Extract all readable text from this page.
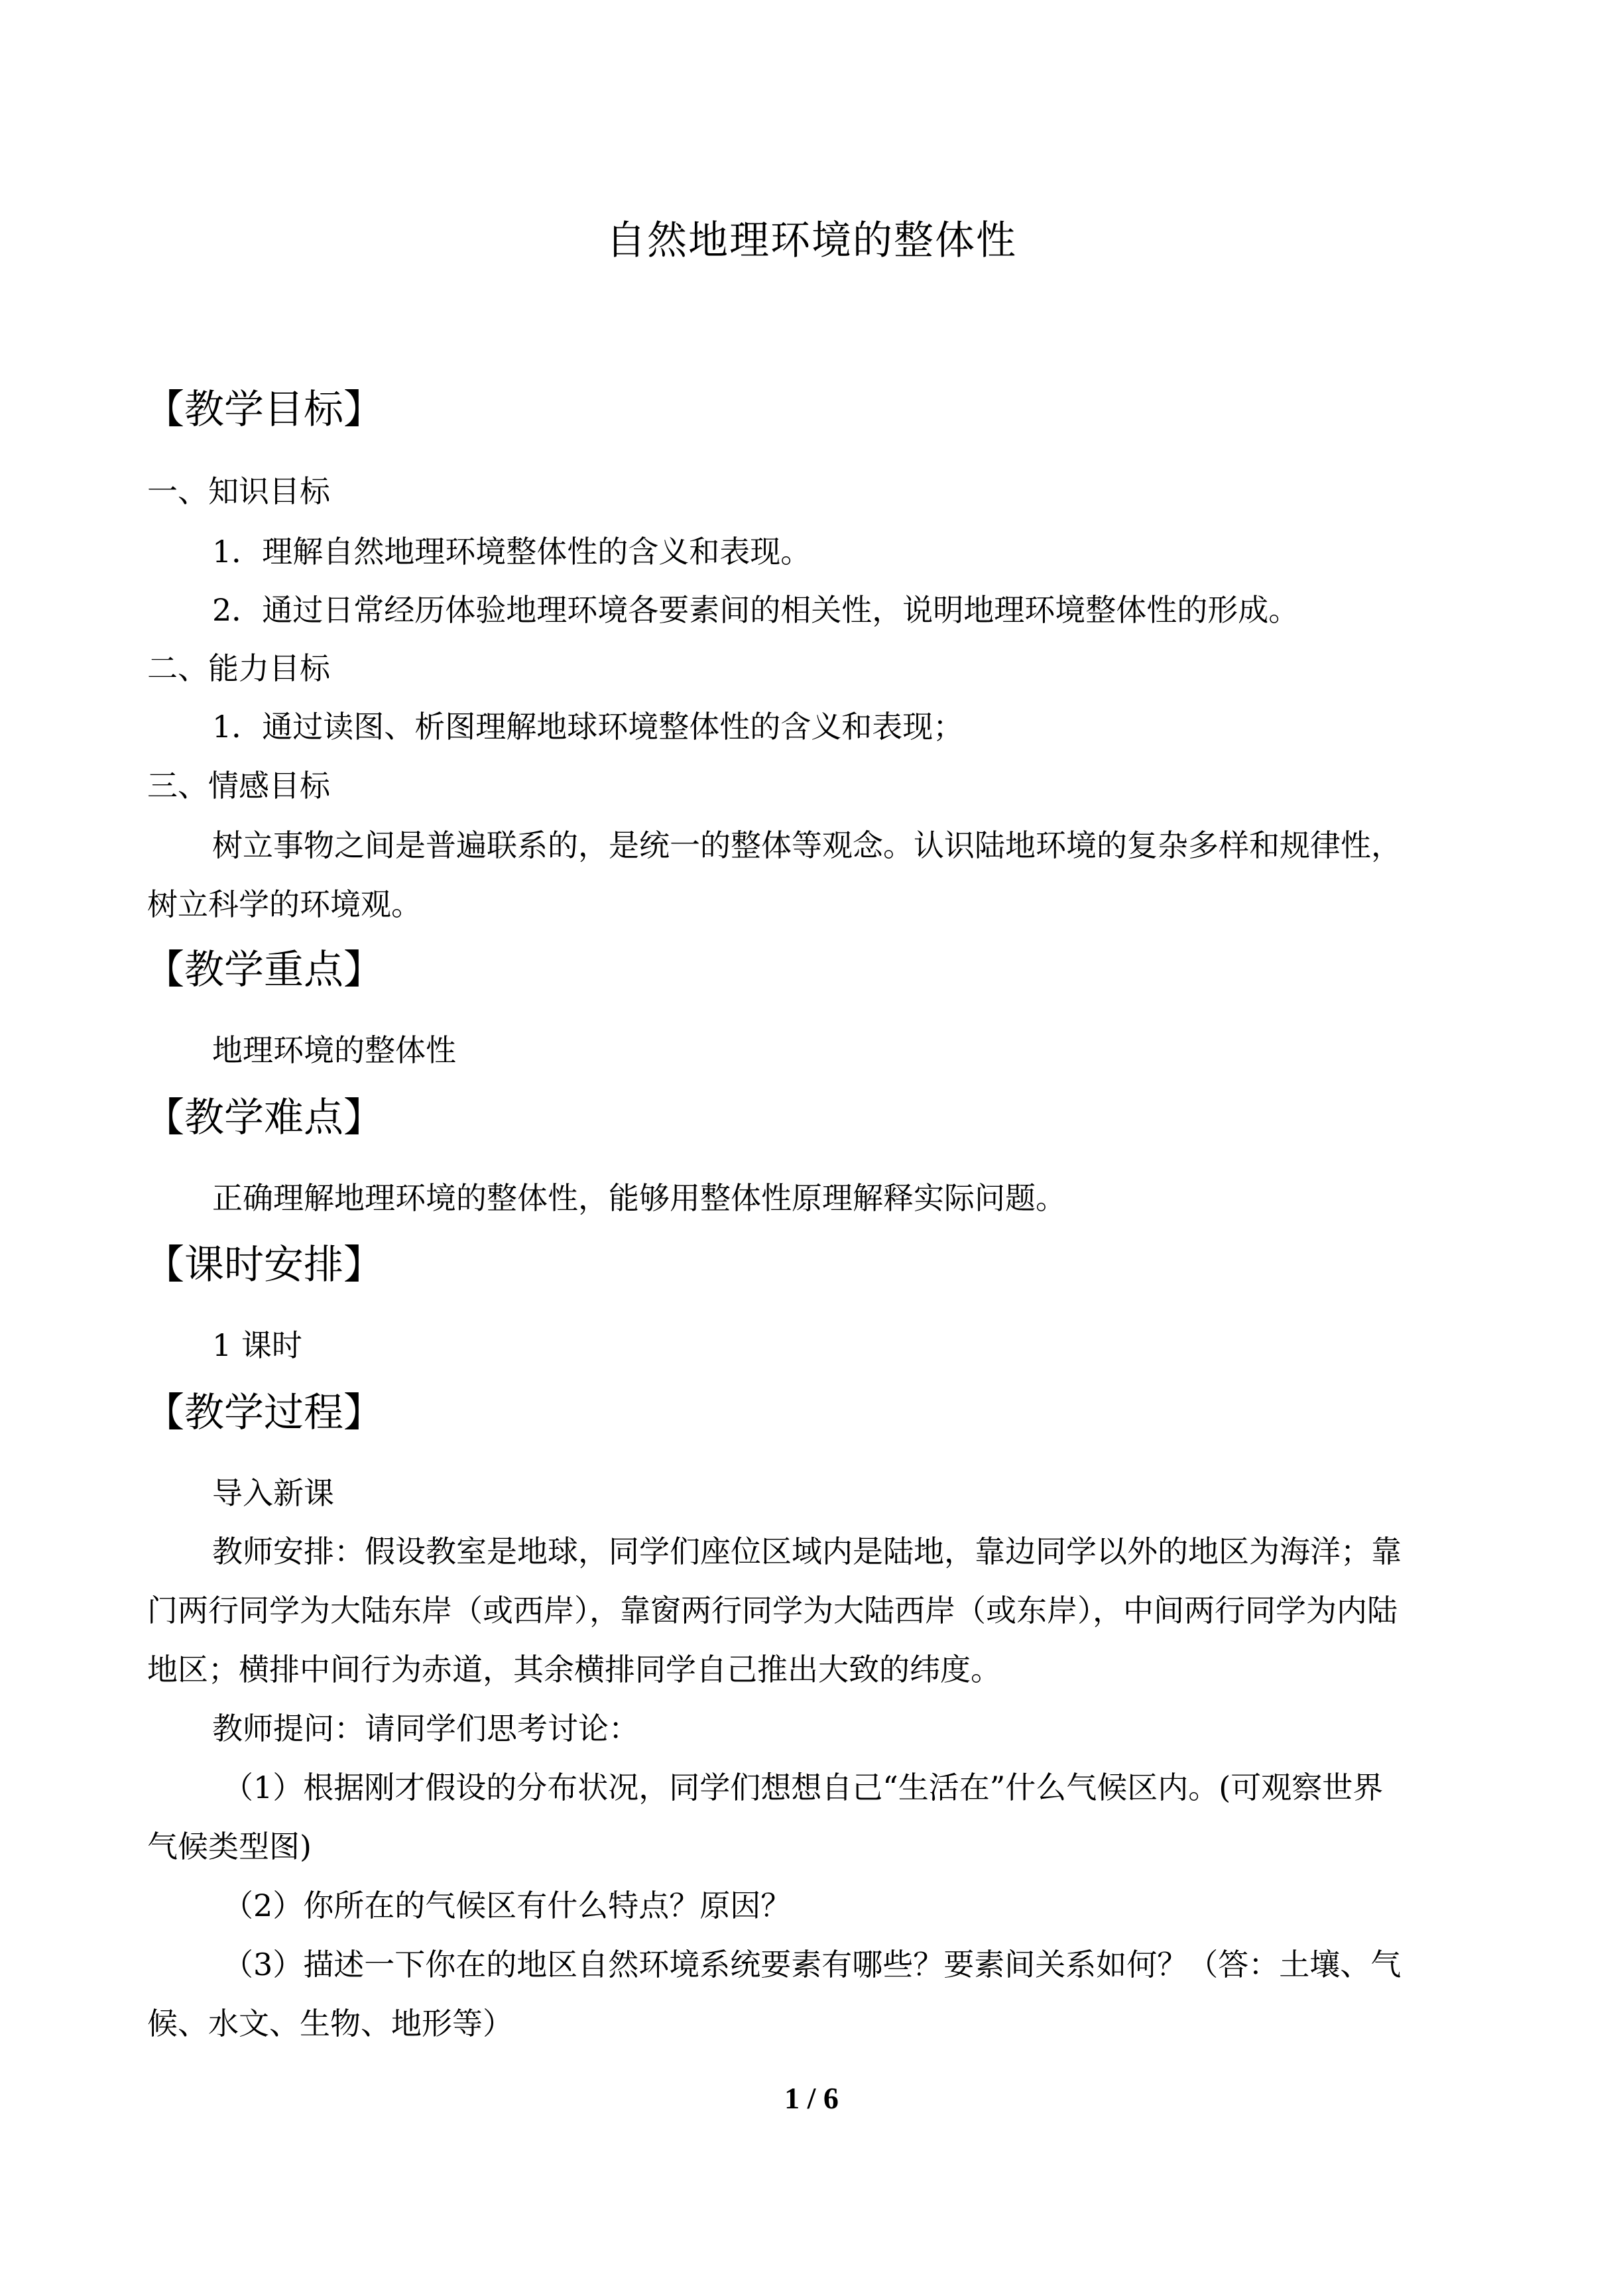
自然地理环境的整体性
【教学目标】
一、知识目标
1．理解自然地理环境整体性的含义和表现。
2．通过日常经历体验地理环境各要素间的相关性，说明地理环境整体性的形成。
二、能力目标
1．通过读图、析图理解地球环境整体性的含义和表现；
三、情感目标
树立事物之间是普遍联系的，是统一的整体等观念。认识陆地环境的复杂多样和规律性，
树立科学的环境观。
【教学重点】
地理环境的整体性
【教学难点】
正确理解地理环境的整体性，能够用整体性原理解释实际问题。
【课时安排】
1 课时
【教学过程】
导入新课
教师安排：假设教室是地球，同学们座位区域内是陆地，靠边同学以外的地区为海洋；靠
门两行同学为大陆东岸（或西岸），靠窗两行同学为大陆西岸（或东岸），中间两行同学为内陆
地区；横排中间行为赤道，其余横排同学自己推出大致的纬度。
教师提问：请同学们思考讨论：
（1）根据刚才假设的分布状况，同学们想想自己“生活在”什么气候区内。(可观察世界
气候类型图)
（2）你所在的气候区有什么特点？原因？
（3）描述一下你在的地区自然环境系统要素有哪些？要素间关系如何？（答：土壤、气
候、水文、生物、地形等）
1 / 6
